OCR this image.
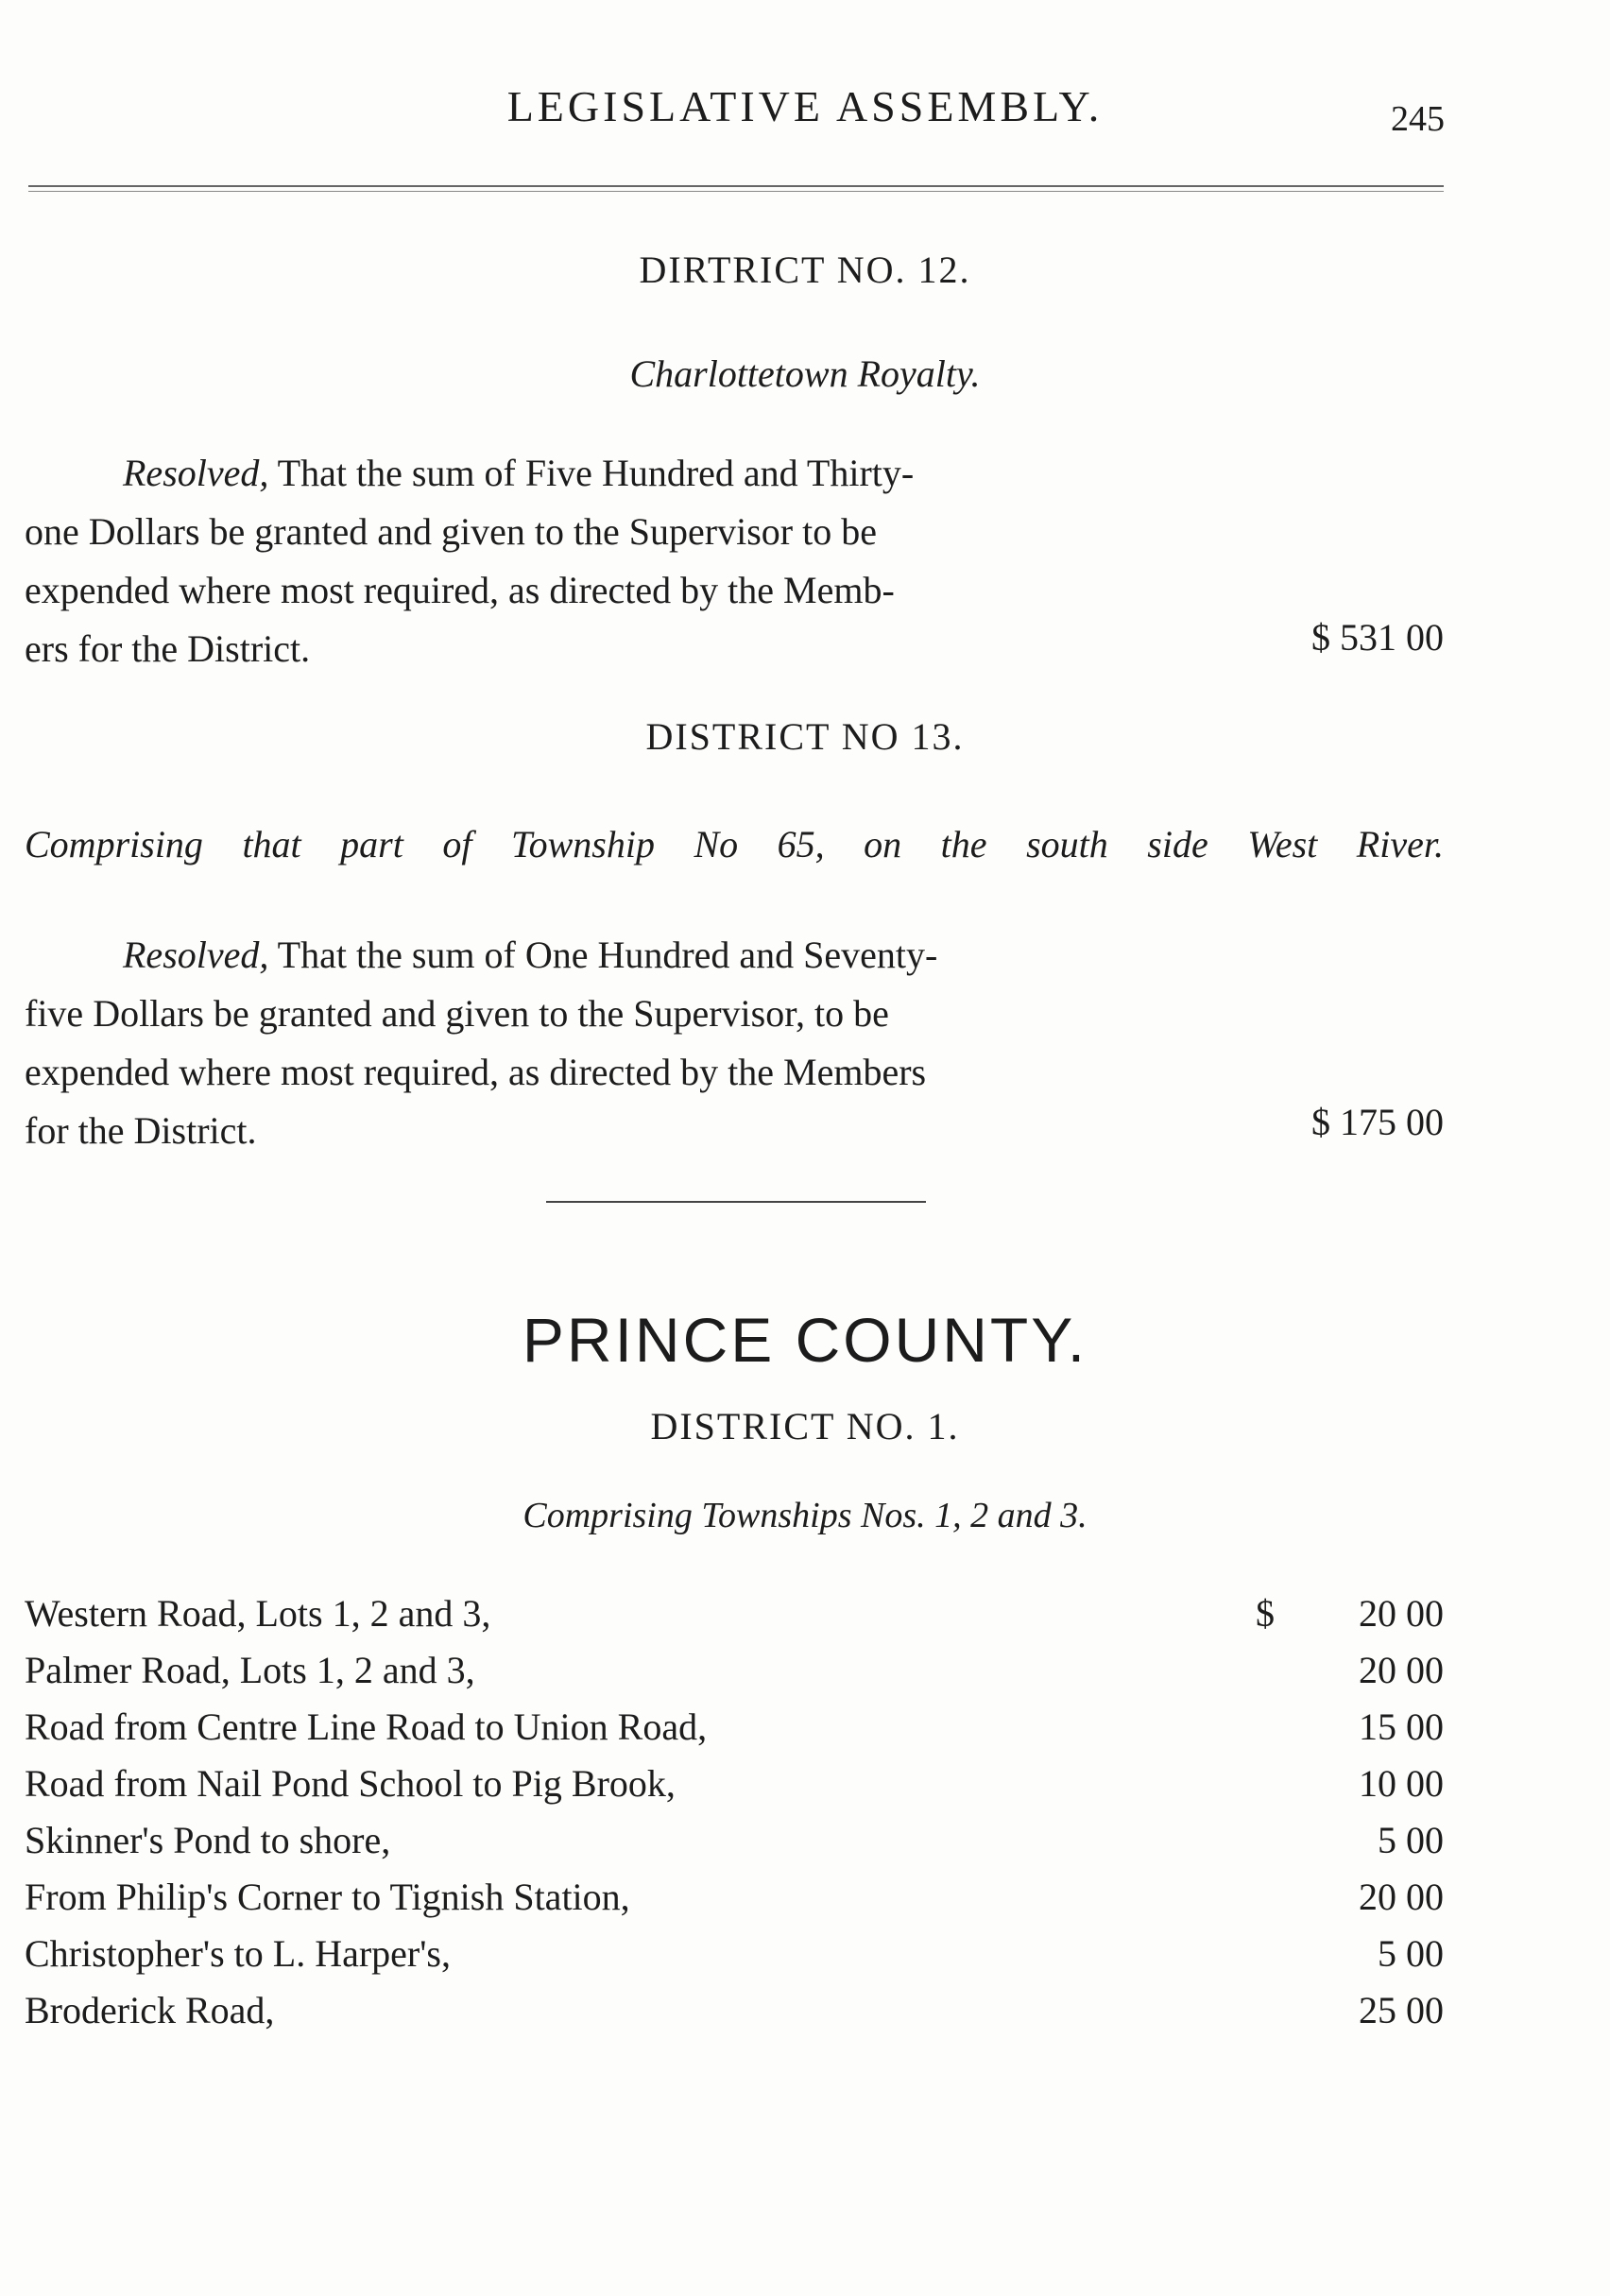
LEGISLATIVE ASSEMBLY.	245
DIRTRICT NO. 12.
Charlottetown Royalty.
Resolved, That the sum of Five Hundred and Thirty-
one Dollars be granted and given to the Supervisor to be
expended where most required, as directed by the Memb-
ers for the District.	$ 531 00
DISTRICT NO 13.
Comprising that part of Township No 65, on the south side West River.
Resolved, That the sum of One Hundred and Seventy-
five Dollars be granted and given to the Supervisor, to be
expended where most required, as directed by the Members
for the District.	$ 175 00
PRINCE COUNTY.
DISTRICT NO. 1.
Comprising Townships Nos. 1, 2 and 3.
Western Road, Lots 1, 2 and 3,	$ 20 00
Palmer Road, Lots 1, 2 and 3,	20 00
Road from Centre Line Road to Union Road,	15 00
Road from Nail Pond School to Pig Brook,	10 00
Skinner's Pond to shore,	5 00
From Philip's Corner to Tignish Station,	20 00
Christopher's to L. Harper's,	5 00
Broderick Road,	25 00
